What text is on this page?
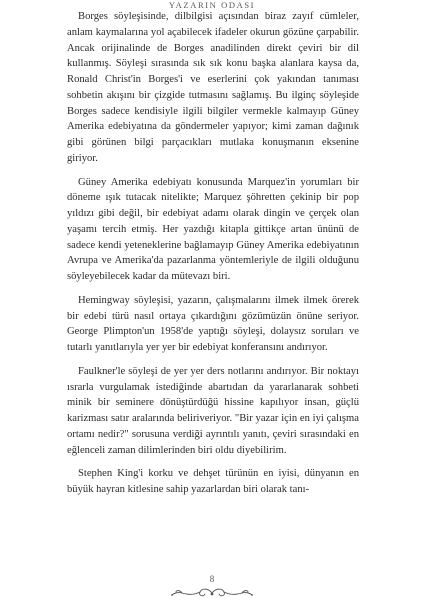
YAZARIN ODASI

Borges söyleşisinde, dilbilgisi açısından biraz zayıf cümleler, anlam kaymalarına yol açabilecek ifadeler okurun gözüne çarpabilir. Ancak orijinalinde de Borges anadilinden direkt çeviri bir dil kullanmış. Söyleşi sırasında sık sık konu başka alanlara kaysa da, Ronald Christ'in Borges'i ve eserlerini çok yakından tanıması sohbetin akışını bir çizgide tutmasını sağlamış. Bu ilginç söyleşide Borges sadece kendisiyle ilgili bilgiler vermekle kalmayıp Güney Amerika edebiyatına da göndermeler yapıyor; kimi zaman dağınık gibi görünen bilgi parçacıkları mutlaka konuşmanın eksenine giriyor.

Güney Amerika edebiyatı konusunda Marquez'in yorumları bir döneme ışık tutacak nitelikte; Marquez şöhretten çekinip bir pop yıldızı gibi değil, bir edebiyat adamı olarak dingin ve çerçek olan yaşamı tercih etmiş. Her yazdığı kitapla gittikçe artan ününü de sadece kendi yeteneklerine bağlamayıp Güney Amerika edebiyatının Avrupa ve Amerika'da pazarlanma yöntemleriyle de ilgili olduğunu söyleyebilecek kadar da mütevazı biri.

Hemingway söyleşisi, yazarın, çalışmalarını ilmek ilmek örerek bir edebi türü nasıl ortaya çıkardığını gözümüzün önüne seriyor. George Plimpton'un 1958'de yaptığı söyleşi, dolaysız soruları ve tutarlı yanıtlarıyla yer yer bir edebiyat konferansını andırıyor.

Faulkner'le söyleşi de yer yer ders notlarını andırıyor. Bir noktayı ısrarla vurgulamak istediğinde abartıdan da yararlanarak sohbeti minik bir seminere dönüştürdüğü hissine kapılıyor insan, güçlü karizması satır aralarında beliriveriyor. "Bir yazar için en iyi çalışma ortamı nedir?" sorusuna verdiği ayrıntılı yanıtı, çeviri sırasındaki en eğlenceli zaman dilimlerinden biri oldu diyebilirim.

Stephen King'i korku ve dehşet türünün en iyisi, dünyanın en büyük hayran kitlesine sahip yazarlardan biri olarak tanı-

8
